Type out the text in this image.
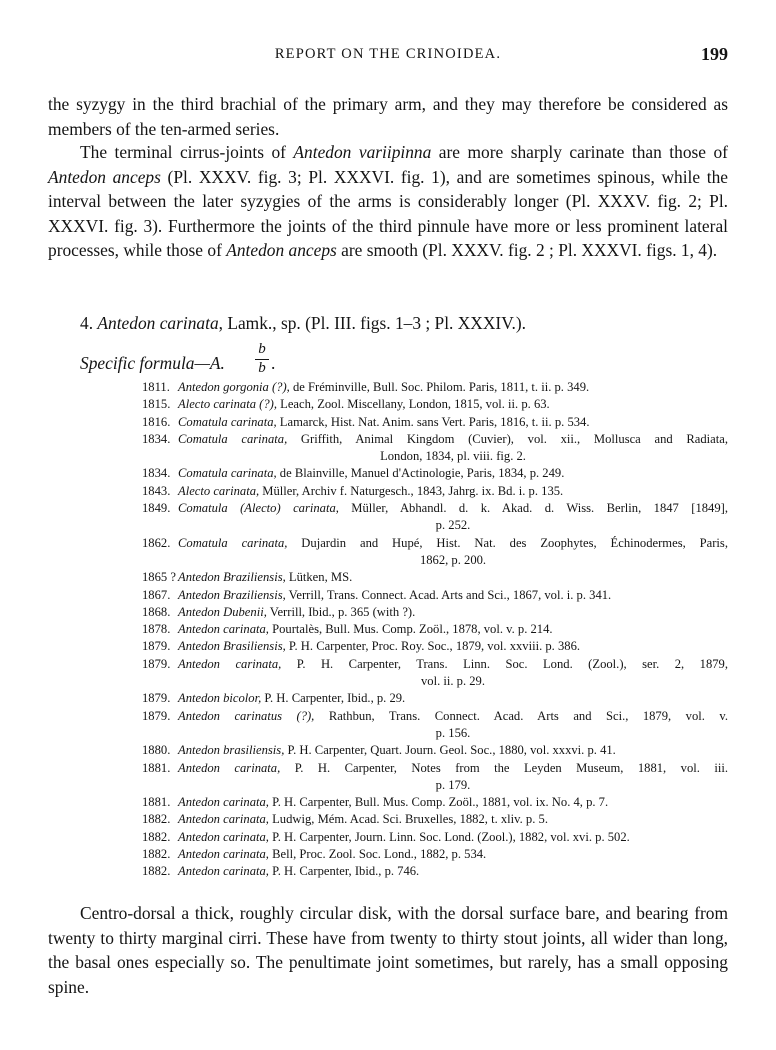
REPORT ON THE CRINOIDEA.	199
the syzygy in the third brachial of the primary arm, and they may therefore be considered as members of the ten-armed series.
The terminal cirrus-joints of Antedon variipinna are more sharply carinate than those of Antedon anceps (Pl. XXXV. fig. 3; Pl. XXXVI. fig. 1), and are sometimes spinous, while the interval between the later syzygies of the arms is considerably longer (Pl. XXXV. fig. 2; Pl. XXXVI. fig. 3). Furthermore the joints of the third pinnule have more or less prominent lateral processes, while those of Antedon anceps are smooth (Pl. XXXV. fig. 2 ; Pl. XXXVI. figs. 1, 4).
4. Antedon carinata, Lamk., sp. (Pl. III. figs. 1–3 ; Pl. XXXIV.).
Specific formula—A.
b
b .
1811. Antedon gorgonia (?), de Fréminville, Bull. Soc. Philom. Paris, 1811, t. ii. p. 349.
1815. Alecto carinata (?), Leach, Zool. Miscellany, London, 1815, vol. ii. p. 63.
1816. Comatula carinata, Lamarck, Hist. Nat. Anim. sans Vert. Paris, 1816, t. ii. p. 534.
1834. Comatula carinata, Griffith, Animal Kingdom (Cuvier), vol. xii., Mollusca and Radiata,
London, 1834, pl. viii. fig. 2.
1834. Comatula carinata, de Blainville, Manuel d'Actinologie, Paris, 1834, p. 249.
1843. Alecto carinata, Müller, Archiv f. Naturgesch., 1843, Jahrg. ix. Bd. i. p. 135.
1849. Comatula (Alecto) carinata, Müller, Abhandl. d. k. Akad. d. Wiss. Berlin, 1847 [1849],
p. 252.
1862. Comatula carinata, Dujardin and Hupé, Hist. Nat. des Zoophytes, Échinodermes, Paris,
1862, p. 200.
1865 ? Antedon Braziliensis, Lütken, MS.
1867. Antedon Braziliensis, Verrill, Trans. Connect. Acad. Arts and Sci., 1867, vol. i. p. 341.
1868. Antedon Dubenii, Verrill, Ibid., p. 365 (with ?).
1878. Antedon carinata, Pourtalès, Bull. Mus. Comp. Zoöl., 1878, vol. v. p. 214.
1879. Antedon Brasiliensis, P. H. Carpenter, Proc. Roy. Soc., 1879, vol. xxviii. p. 386.
1879. Antedon carinata, P. H. Carpenter, Trans. Linn. Soc. Lond. (Zool.), ser. 2, 1879,
vol. ii. p. 29.
1879. Antedon bicolor, P. H. Carpenter, Ibid., p. 29.
1879. Antedon carinatus (?), Rathbun, Trans. Connect. Acad. Arts and Sci., 1879, vol. v.
p. 156.
1880. Antedon brasiliensis, P. H. Carpenter, Quart. Journ. Geol. Soc., 1880, vol. xxxvi. p. 41.
1881. Antedon carinata, P. H. Carpenter, Notes from the Leyden Museum, 1881, vol. iii.
p. 179.
1881. Antedon carinata, P. H. Carpenter, Bull. Mus. Comp. Zoöl., 1881, vol. ix. No. 4, p. 7.
1882. Antedon carinata, Ludwig, Mém. Acad. Sci. Bruxelles, 1882, t. xliv. p. 5.
1882. Antedon carinata, P. H. Carpenter, Journ. Linn. Soc. Lond. (Zool.), 1882, vol. xvi. p. 502.
1882. Antedon carinata, Bell, Proc. Zool. Soc. Lond., 1882, p. 534.
1882. Antedon carinata, P. H. Carpenter, Ibid., p. 746.
Centro-dorsal a thick, roughly circular disk, with the dorsal surface bare, and bearing from twenty to thirty marginal cirri. These have from twenty to thirty stout joints, all wider than long, the basal ones especially so. The penultimate joint sometimes, but rarely, has a small opposing spine.
